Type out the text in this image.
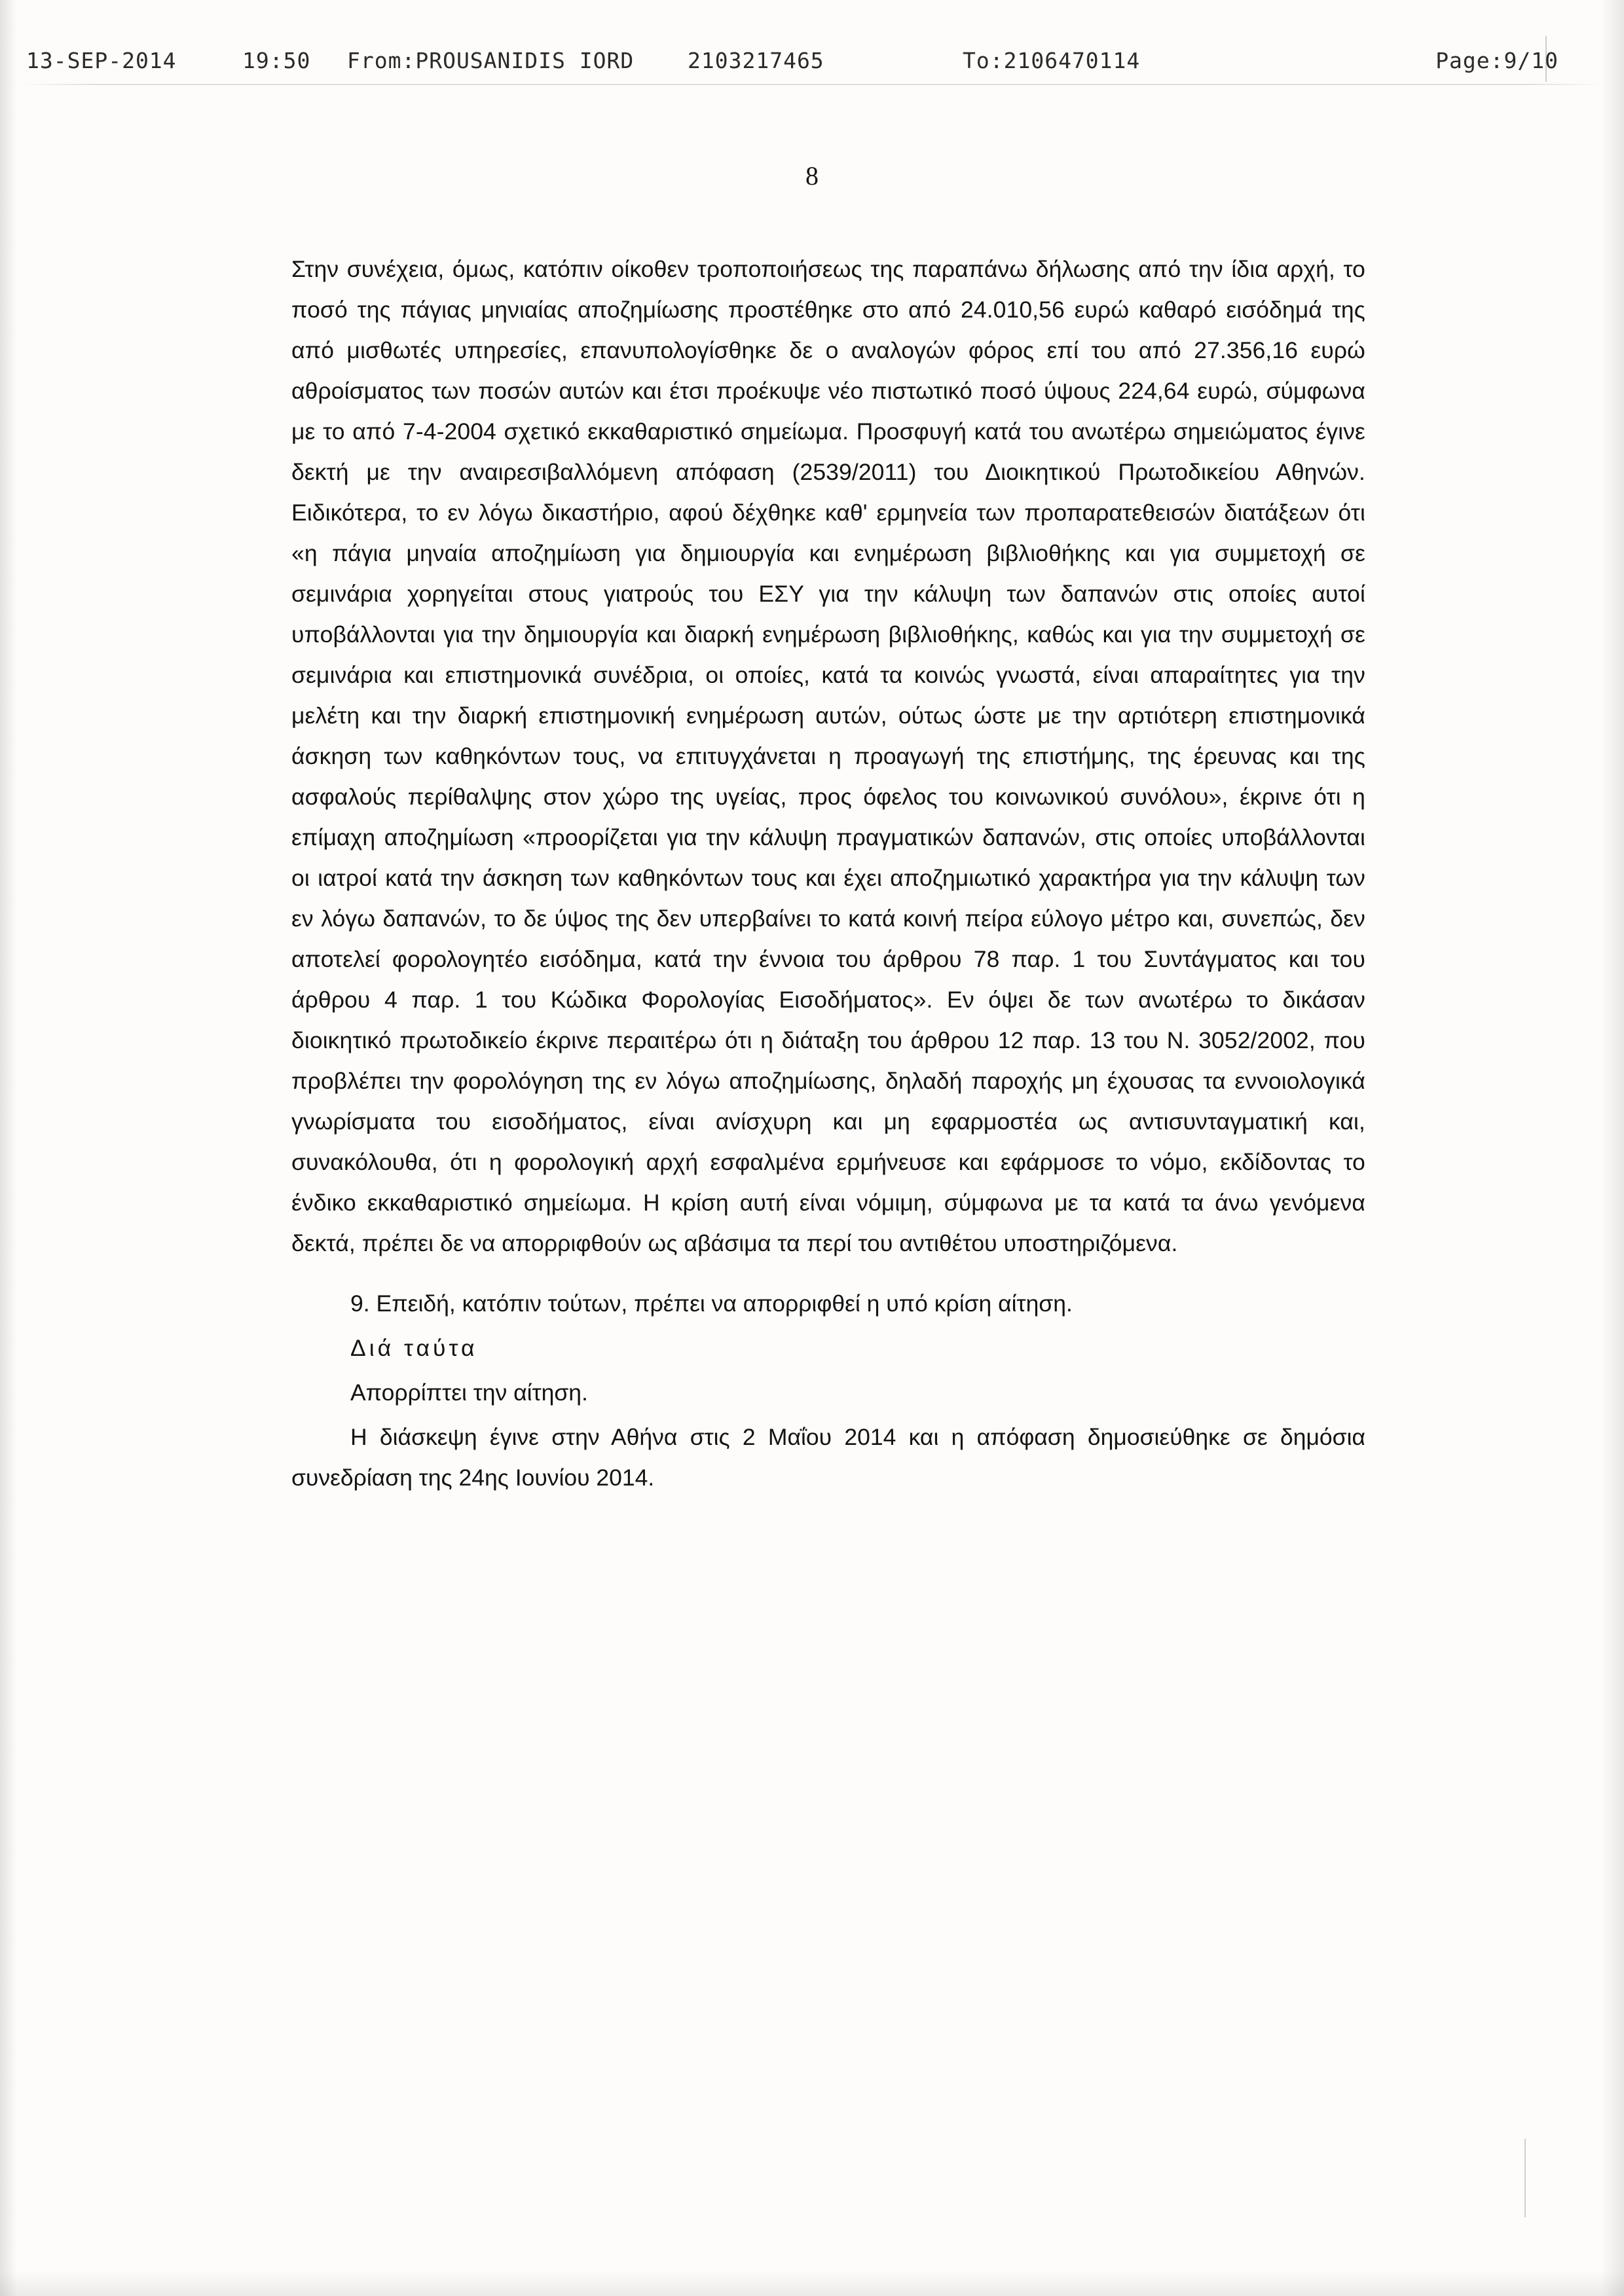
13-SEP-2014	19:50	From:PROUSANIDIS IORD	2103217465	To:2106470114	Page:9/10
8

Στην συνέχεια, όμως, κατόπιν οίκοθεν τροποποιήσεως της παραπάνω δήλωσης από την ίδια αρχή, το ποσό της πάγιας μηνιαίας αποζημίωσης προστέθηκε στο από 24.010,56 ευρώ καθαρό εισόδημά της από μισθωτές υπηρεσίες, επανυπολογίσθηκε δε ο αναλογών φόρος επί του από 27.356,16 ευρώ αθροίσματος των ποσών αυτών και έτσι προέκυψε νέο πιστωτικό ποσό ύψους 224,64 ευρώ, σύμφωνα με το από 7-4-2004 σχετικό εκκαθαριστικό σημείωμα. Προσφυγή κατά του ανωτέρω σημειώματος έγινε δεκτή με την αναιρεσιβαλλόμενη απόφαση (2539/2011) του Διοικητικού Πρωτοδικείου Αθηνών. Ειδικότερα, το εν λόγω δικαστήριο, αφού δέχθηκε καθ' ερμηνεία των προπαρατεθεισών διατάξεων ότι «η πάγια μηναία αποζημίωση για δημιουργία και ενημέρωση βιβλιοθήκης και για συμμετοχή σε σεμινάρια χορηγείται στους γιατρούς του ΕΣΥ για την κάλυψη των δαπανών στις οποίες αυτοί υποβάλλονται για την δημιουργία και διαρκή ενημέρωση βιβλιοθήκης, καθώς και για την συμμετοχή σε σεμινάρια και επιστημονικά συνέδρια, οι οποίες, κατά τα κοινώς γνωστά, είναι απαραίτητες για την μελέτη και την διαρκή επιστημονική ενημέρωση αυτών, ούτως ώστε με την αρτιότερη επιστημονικά άσκηση των καθηκόντων τους, να επιτυγχάνεται η προαγωγή της επιστήμης, της έρευνας και της ασφαλούς περίθαλψης στον χώρο της υγείας, προς όφελος του κοινωνικού συνόλου», έκρινε ότι η επίμαχη αποζημίωση «προορίζεται για την κάλυψη πραγματικών δαπανών, στις οποίες υποβάλλονται οι ιατροί κατά την άσκηση των καθηκόντων τους και έχει αποζημιωτικό χαρακτήρα για την κάλυψη των εν λόγω δαπανών, το δε ύψος της δεν υπερβαίνει το κατά κοινή πείρα εύλογο μέτρο και, συνεπώς, δεν αποτελεί φορολογητέο εισόδημα, κατά την έννοια του άρθρου 78 παρ. 1 του Συντάγματος και του άρθρου 4 παρ. 1 του Κώδικα Φορολογίας Εισοδήματος». Εν όψει δε των ανωτέρω το δικάσαν διοικητικό πρωτοδικείο έκρινε περαιτέρω ότι η διάταξη του άρθρου 12 παρ. 13 του Ν. 3052/2002, που προβλέπει την φορολόγηση της εν λόγω αποζημίωσης, δηλαδή παροχής μη έχουσας τα εννοιολογικά γνωρίσματα του εισοδήματος, είναι ανίσχυρη και μη εφαρμοστέα ως αντισυνταγματική και, συνακόλουθα, ότι η φορολογική αρχή εσφαλμένα ερμήνευσε και εφάρμοσε το νόμο, εκδίδοντας το ένδικο εκκαθαριστικό σημείωμα. Η κρίση αυτή είναι νόμιμη, σύμφωνα με τα κατά τα άνω γενόμενα δεκτά, πρέπει δε να απορριφθούν ως αβάσιμα τα περί του αντιθέτου υποστηριζόμενα.

9. Επειδή, κατόπιν τούτων, πρέπει να απορριφθεί η υπό κρίση αίτηση.

Διά ταύτα

Απορρίπτει την αίτηση.

Η διάσκεψη έγινε στην Αθήνα στις 2 Μαΐου 2014 και η απόφαση δημοσιεύθηκε σε δημόσια συνεδρίαση της 24ης Ιουνίου 2014.
